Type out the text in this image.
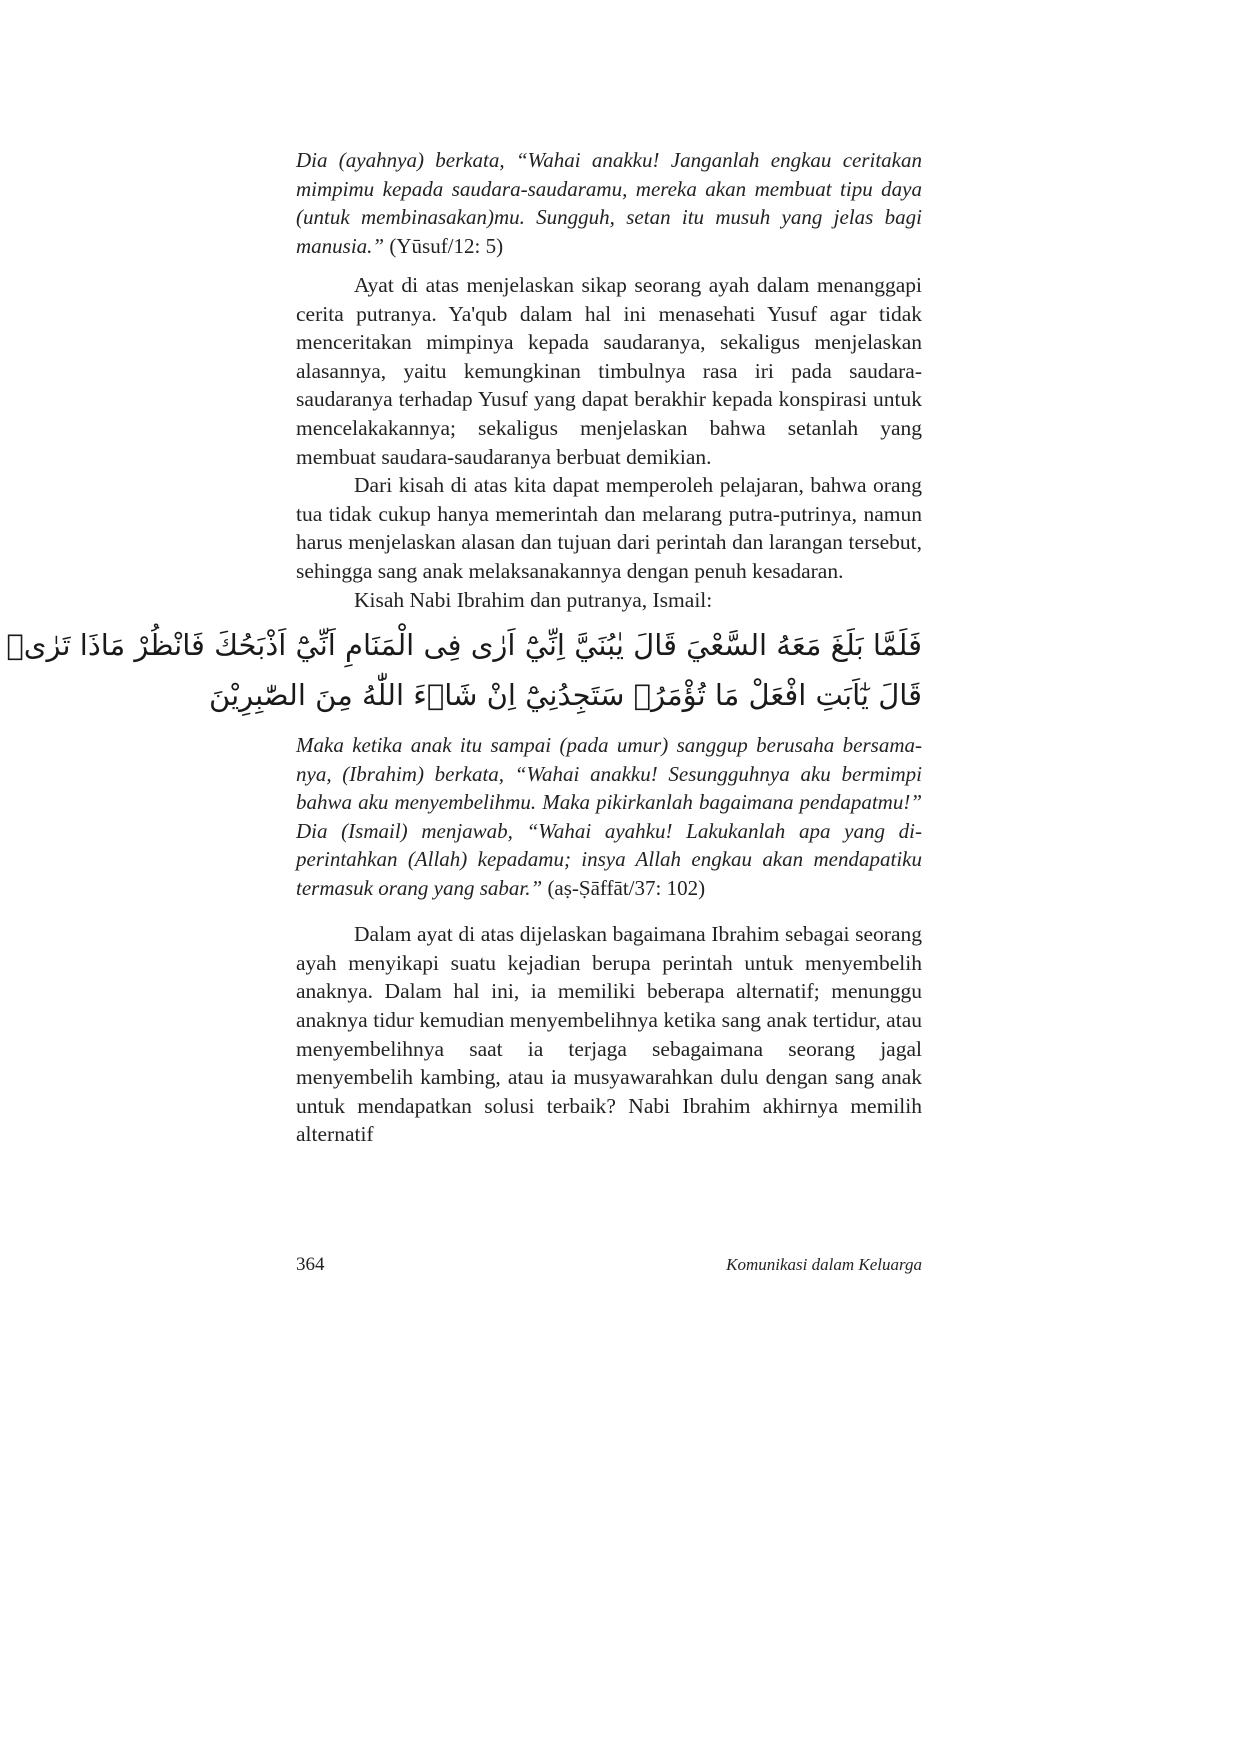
Dia (ayahnya) berkata, “Wahai anakku! Janganlah engkau ceritakan mimpimu kepada saudara-saudaramu, mereka akan membuat tipu daya (untuk membinasakan)mu. Sungguh, setan itu musuh yang jelas bagi manusia.” (Yūsuf/12: 5)

Ayat di atas menjelaskan sikap seorang ayah dalam menanggapi cerita putranya. Ya'qub dalam hal ini menasehati Yusuf agar tidak menceritakan mimpinya kepada saudaranya, sekaligus menjelaskan alasannya, yaitu kemungkinan timbulnya rasa iri pada saudara-saudaranya terhadap Yusuf yang dapat berakhir kepada konspirasi untuk mencelakakannya; sekaligus menjelaskan bahwa setanlah yang membuat saudara-saudaranya berbuat demikian.

Dari kisah di atas kita dapat memperoleh pelajaran, bahwa orang tua tidak cukup hanya memerintah dan melarang putra-putrinya, namun harus menjelaskan alasan dan tujuan dari perintah dan larangan tersebut, sehingga sang anak melaksanakannya dengan penuh kesadaran.

Kisah Nabi Ibrahim dan putranya, Ismail:

فَلَمَّا بَلَغَ مَعَهُ السَّعْيَ قَالَ يٰبُنَيَّ اِنِّيْٓ اَرٰى فِى الْمَنَامِ اَنِّيْٓ اَذْبَحُكَ فَانْظُرْ مَاذَا تَرٰىۗ
قَالَ يٰٓاَبَتِ افْعَلْ مَا تُؤْمَرُۖ سَتَجِدُنِيْٓ اِنْ شَاۤءَ اللّٰهُ مِنَ الصّٰبِرِيْنَ

Maka ketika anak itu sampai (pada umur) sanggup berusaha bersamanya, (Ibrahim) berkata, “Wahai anakku! Sesungguhnya aku bermimpi bahwa aku menyembelihmu. Maka pikirkanlah bagaimana pendapatmu!” Dia (Ismail) menjawab, “Wahai ayahku! Lakukanlah apa yang diperintahkan (Allah) kepadamu; insya Allah engkau akan mendapatiku termasuk orang yang sabar.” (aṣ-Ṣāffāt/37: 102)

Dalam ayat di atas dijelaskan bagaimana Ibrahim sebagai seorang ayah menyikapi suatu kejadian berupa perintah untuk menyembelih anaknya. Dalam hal ini, ia memiliki beberapa alternatif; menunggu anaknya tidur kemudian menyembelihnya ketika sang anak tertidur, atau menyembelihnya saat ia terjaga sebagaimana seorang jagal menyembelih kambing, atau ia musyawarahkan dulu dengan sang anak untuk mendapatkan solusi terbaik? Nabi Ibrahim akhirnya memilih alternatif

364	Komunikasi dalam Keluarga
